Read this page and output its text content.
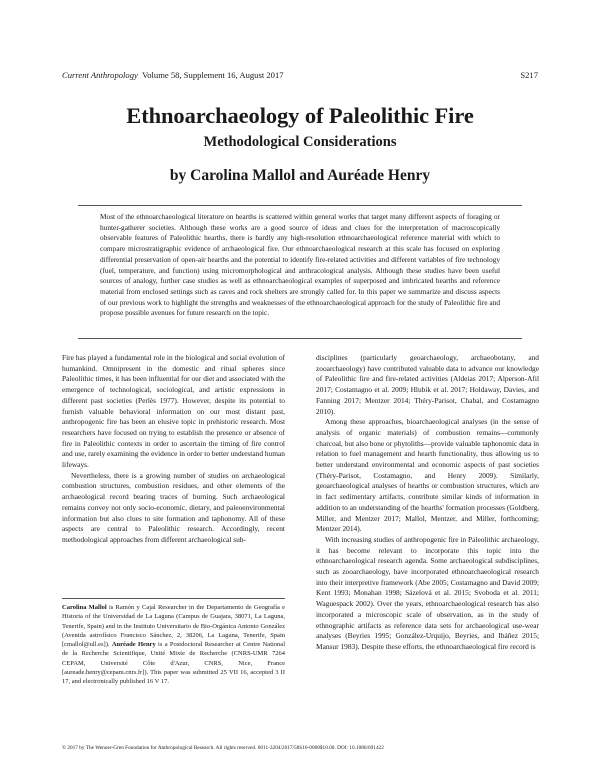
Current Anthropology Volume 58, Supplement 16, August 2017	S217
Ethnoarchaeology of Paleolithic Fire
Methodological Considerations
by Carolina Mallol and Auréade Henry
Most of the ethnoarchaeological literature on hearths is scattered within general works that target many different aspects of foraging or hunter-gatherer societies. Although these works are a good source of ideas and clues for the interpretation of macroscopically observable features of Paleolithic hearths, there is hardly any high-resolution ethnoarchaeological reference material with which to compare microstratigraphic evidence of archaeological fire. Our ethnoarchaeological research at this scale has focused on exploring differential preservation of open-air hearths and the potential to identify fire-related activities and different variables of fire technology (fuel, temperature, and function) using micromorphological and anthracological analysis. Although these studies have been useful sources of analogy, further case studies as well as ethnoarchaeological examples of superposed and imbricated hearths and reference material from enclosed settings such as caves and rock shelters are strongly called for. In this paper we summarize and discuss aspects of our previous work to highlight the strengths and weaknesses of the ethnoarchaeological approach for the study of Paleolithic fire and propose possible avenues for future research on the topic.

Fire has played a fundamental role in the biological and social evolution of humankind. Omnipresent in the domestic and ritual spheres since Paleolithic times, it has been influential for our diet and associated with the emergence of technological, sociological, and artistic expressions in different past societies (Perlès 1977). However, despite its potential to furnish valuable behavioral information on our most distant past, anthropogenic fire has been an elusive topic in prehistoric research. Most researchers have focused on trying to establish the presence or absence of fire in Paleolithic contexts in order to ascertain the timing of fire control and use, rarely examining the evidence in order to better understand human lifeways.

Nevertheless, there is a growing number of studies on archaeological combustion structures, combustion residues, and other elements of the archaeological record bearing traces of burning. Such archaeological remains convey not only socio-economic, dietary, and paleoenvironmental information but also clues to site formation and taphonomy. All of these aspects are central to Paleolithic research. Accordingly, recent methodological approaches from different archaeological sub-

disciplines (particularly geoarchaeology, archaeobotany, and zooarchaeology) have contributed valuable data to advance our knowledge of Paleolithic fire and fire-related activities (Aldeias 2017; Alperson-Afil 2017; Costamagno et al. 2009; Hlubik et al. 2017; Holdaway, Davies, and Fanning 2017; Mentzer 2014; Théry-Parisot, Chabal, and Costamagno 2010).

Among these approaches, bioarchaeological analyses (in the sense of analysis of organic materials) of combustion remains—commonly charcoal, but also bone or phytoliths—provide valuable taphonomic data in relation to fuel management and hearth functionality, thus allowing us to better understand environmental and economic aspects of past societies (Théry-Parisot, Costamagno, and Henry 2009). Similarly, geoarchaeological analyses of hearths or combustion structures, which are in fact sedimentary artifacts, contribute similar kinds of information in addition to an understanding of the hearths' formation processes (Goldberg, Miller, and Mentzer 2017; Mallol, Mentzer, and Miller, forthcoming; Mentzer 2014).

With increasing studies of anthropogenic fire in Paleolithic archaeology, it has become relevant to incorporate this topic into the ethnoarchaeological research agenda. Some archaeological subdisciplines, such as zooarchaeology, have incorporated ethnoarchaeological research into their interpretive framework (Abe 2005; Costamagno and David 2009; Kent 1993; Monahan 1998; Sázelová et al. 2015; Svoboda et al. 2011; Waguespack 2002). Over the years, ethnoarchaeological research has also incorporated a microscopic scale of observation, as in the study of ethnographic artifacts as reference data sets for archaeological use-wear analyses (Beyries 1995; González-Urquijo, Beyries, and Ibáñez 2015; Mansur 1983). Despite these efforts, the ethnoarchaeological fire record is

Carolina Mallol is Ramón y Cajal Researcher in the Departamento de Geografía e Historia of the Universidad de La Laguna (Campus de Guajara, 38071, La Laguna, Tenerife, Spain) and in the Instituto Universitario de Bio-Orgánica Antonio González (Avenida astrofísico Francisco Sánchez, 2, 38206, La Laguna, Tenerife, Spain [cmallol@ull.es]). Auréade Henry is a Postdoctoral Researcher at Centre National de la Recherche Scientifique, Unité Mixte de Recherche (CNRS-UMR 7264 CEPAM, Université Côte d'Azur, CNRS, Nice, France [aureade.henry@cepam.cnrs.fr]). This paper was submitted 25 VII 16, accepted 3 II 17, and electronically published 16 V 17.
© 2017 by The Wenner-Gren Foundation for Anthropological Research. All rights reserved. 0011-3204/2017/58S16-0008$10.00. DOI: 10.1086/691422
